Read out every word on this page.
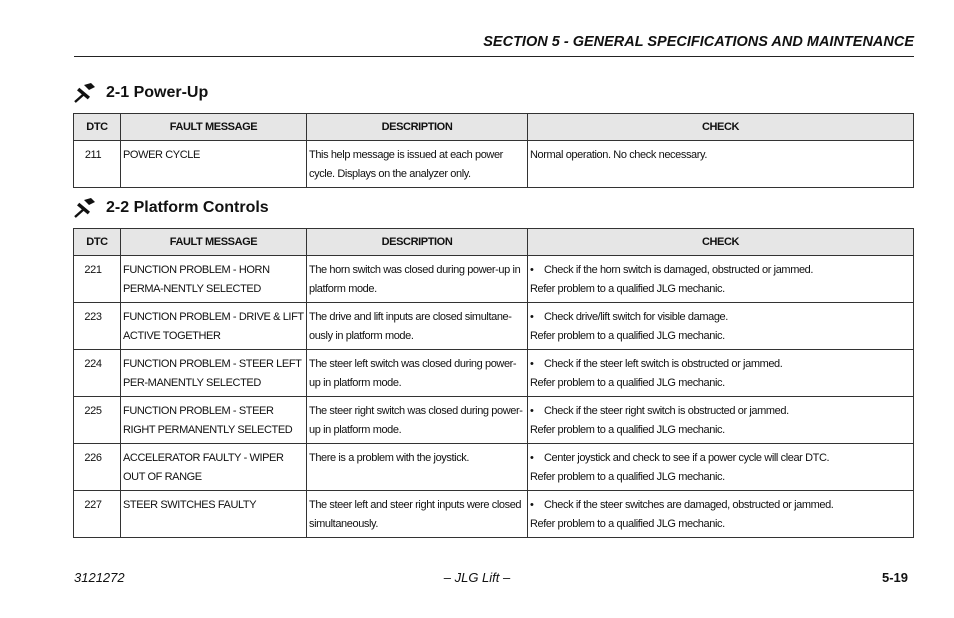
SECTION 5 - GENERAL SPECIFICATIONS AND MAINTENANCE
2-1 Power-Up
DTC	FAULT MESSAGE	DESCRIPTION	CHECK
211	POWER CYCLE	This help message is issued at each power cycle. Displays on the analyzer only.	Normal operation. No check necessary.
2-2 Platform Controls
DTC	FAULT MESSAGE	DESCRIPTION	CHECK
221	FUNCTION PROBLEM - HORN PERMA-NENTLY SELECTED	The horn switch was closed during power-up in platform mode.	• Check if the horn switch is damaged, obstructed or jammed.
Refer problem to a qualified JLG mechanic.

223	FUNCTION PROBLEM - DRIVE & LIFT ACTIVE TOGETHER	The drive and lift inputs are closed simultane-ously in platform mode.	• Check drive/lift switch for visible damage.
Refer problem to a qualified JLG mechanic.

224	FUNCTION PROBLEM - STEER LEFT PER-MANENTLY SELECTED	The steer left switch was closed during power-up in platform mode.	• Check if the steer left switch is obstructed or jammed.
Refer problem to a qualified JLG mechanic.

225	FUNCTION PROBLEM - STEER RIGHT PERMANENTLY SELECTED	The steer right switch was closed during power-up in platform mode.	• Check if the steer right switch is obstructed or jammed.
Refer problem to a qualified JLG mechanic.

226	ACCELERATOR FAULTY - WIPER OUT OF RANGE	There is a problem with the joystick.	• Center joystick and check to see if a power cycle will clear DTC.
Refer problem to a qualified JLG mechanic.

227	STEER SWITCHES FAULTY	The steer left and steer right inputs were closed simultaneously.	• Check if the steer switches are damaged, obstructed or jammed.
Refer problem to a qualified JLG mechanic.
3121272	– JLG Lift –	5-19
